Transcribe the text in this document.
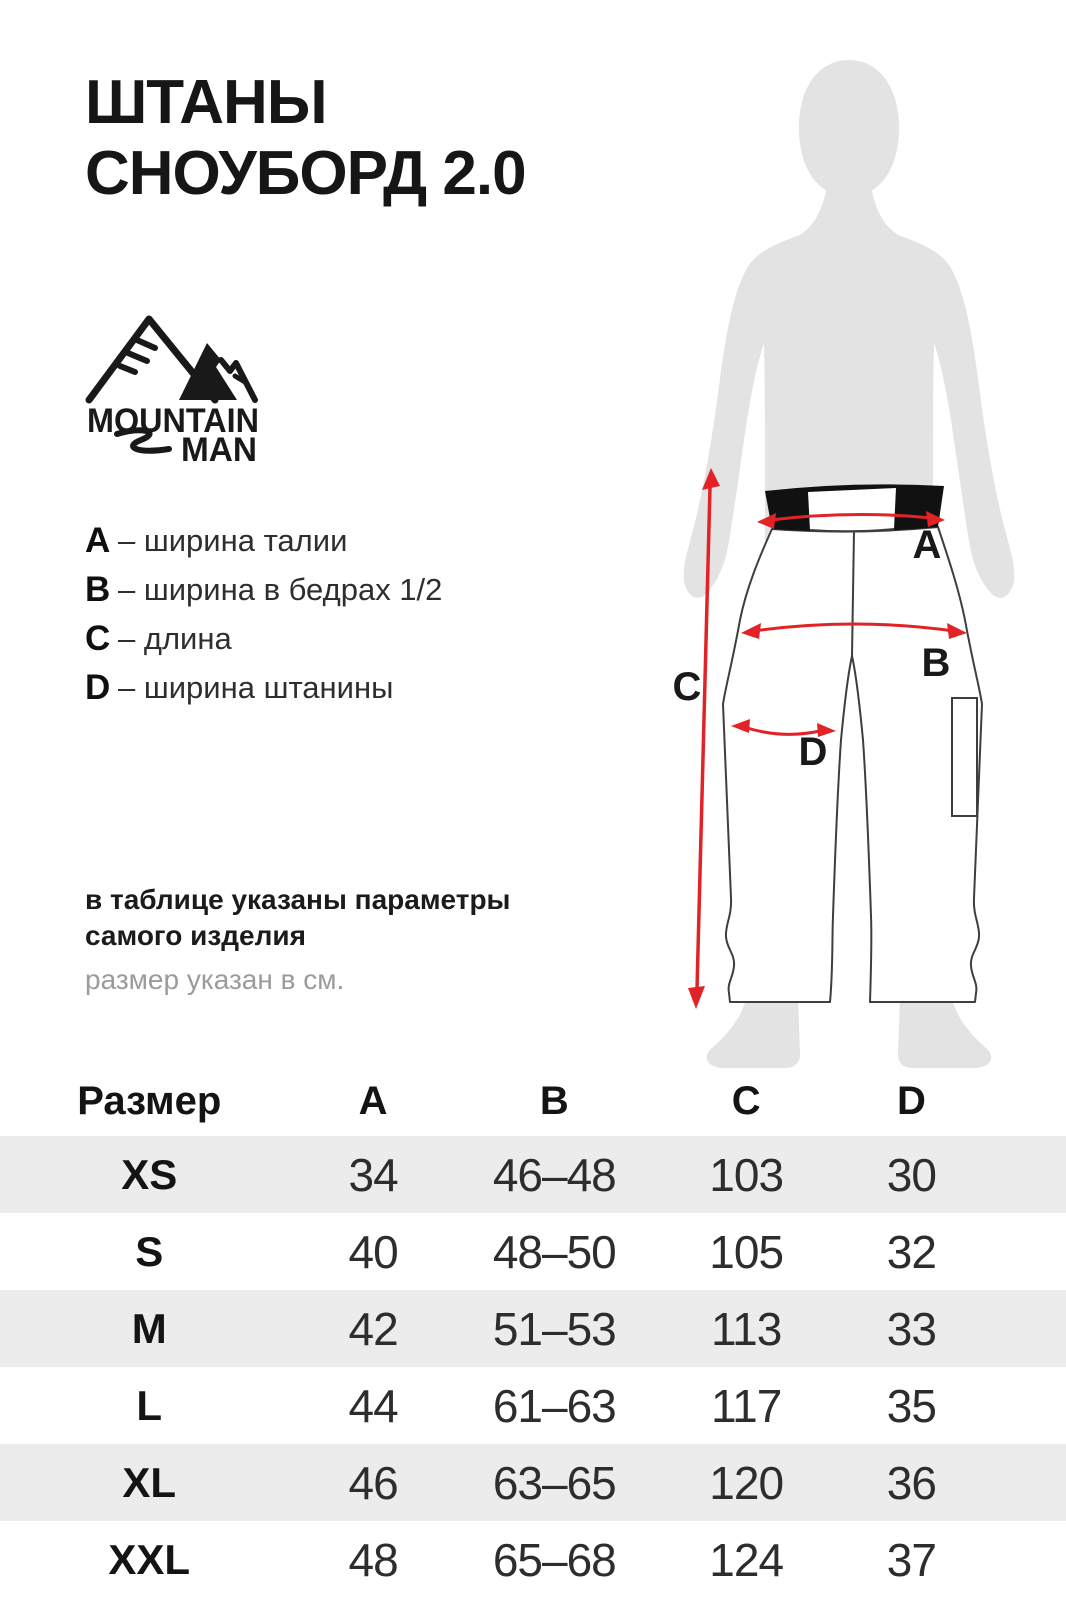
ШТАНЫ
СНОУБОРД 2.0
MOUNTAIN
MAN
A – ширина талии
B – ширина в бедрах 1/2
C – длина
D – ширина штанины
в таблице указаны параметры самого изделия
размер указан в см.
A
B
C
D
Размер	A	B	C	D
XS	34	46–48	103	30
S	40	48–50	105	32
M	42	51–53	113	33
L	44	61–63	117	35
XL	46	63–65	120	36
XXL	48	65–68	124	37
